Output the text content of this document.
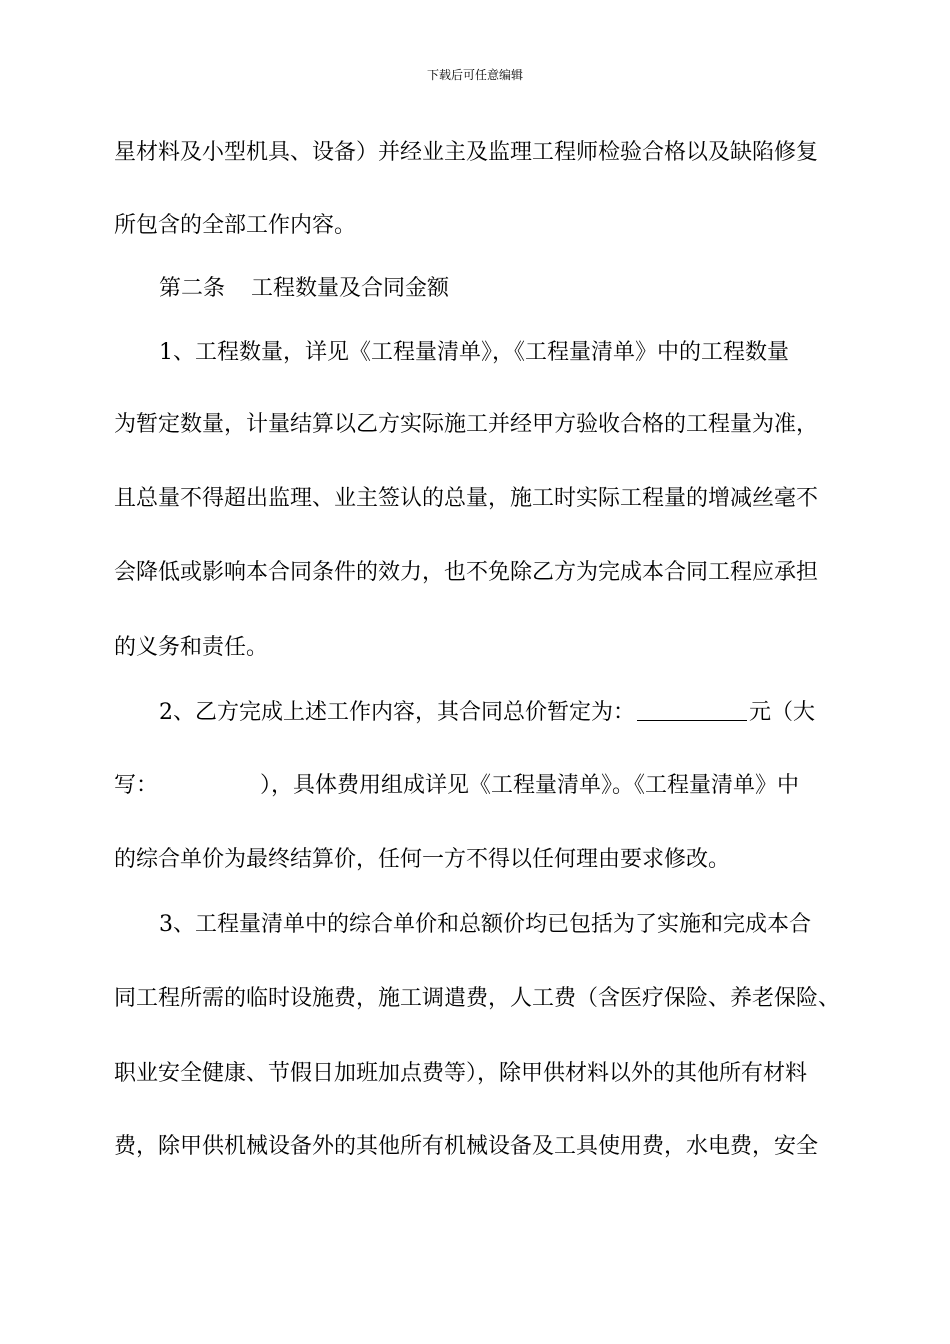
下载后可任意编辑
星材料及小型机具、设备）并经业主及监理工程师检验合格以及缺陷修复
所包含的全部工作内容。
第二条 工程数量及合同金额
1、工程数量，详见《工程量清单》，《工程量清单》中的工程数量
为暂定数量，计量结算以乙方实际施工并经甲方验收合格的工程量为准，
且总量不得超出监理、业主签认的总量，施工时实际工程量的增减丝毫不
会降低或影响本合同条件的效力，也不免除乙方为完成本合同工程应承担
的义务和责任。
2、乙方完成上述工作内容，其合同总价暂定为：	元（大
写：	），具体费用组成详见《工程量清单》。《工程量清单》中
的综合单价为最终结算价，任何一方不得以任何理由要求修改。
3、工程量清单中的综合单价和总额价均已包括为了实施和完成本合
同工程所需的临时设施费，施工调遣费，人工费（含医疗保险、养老保险、
职业安全健康、节假日加班加点费等），除甲供材料以外的其他所有材料
费，除甲供机械设备外的其他所有机械设备及工具使用费，水电费，安全
